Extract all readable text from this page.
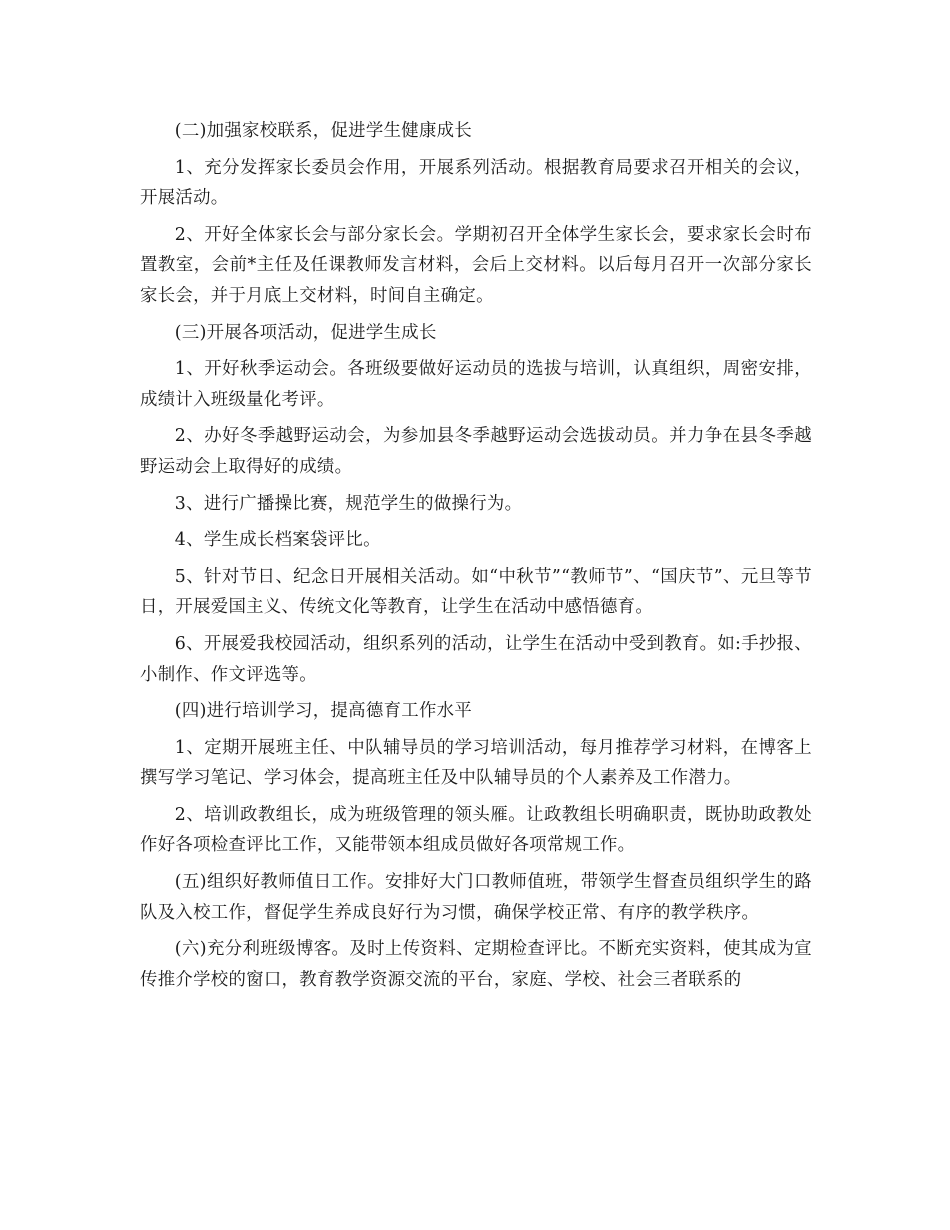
(二)加强家校联系，促进学生健康成长

1、充分发挥家长委员会作用，开展系列活动。根据教育局要求召开相关的会议，开展活动。

2、开好全体家长会与部分家长会。学期初召开全体学生家长会，要求家长会时布置教室，会前*主任及任课教师发言材料，会后上交材料。以后每月召开一次部分家长家长会，并于月底上交材料，时间自主确定。

(三)开展各项活动，促进学生成长

1、开好秋季运动会。各班级要做好运动员的选拔与培训，认真组织，周密安排，成绩计入班级量化考评。

2、办好冬季越野运动会，为参加县冬季越野运动会选拔动员。并力争在县冬季越野运动会上取得好的成绩。

3、进行广播操比赛，规范学生的做操行为。

4、学生成长档案袋评比。

5、针对节日、纪念日开展相关活动。如“中秋节”“教师节”、“国庆节”、元旦等节日，开展爱国主义、传统文化等教育，让学生在活动中感悟德育。

6、开展爱我校园活动，组织系列的活动，让学生在活动中受到教育。如:手抄报、小制作、作文评选等。

(四)进行培训学习，提高德育工作水平

1、定期开展班主任、中队辅导员的学习培训活动，每月推荐学习材料，在博客上撰写学习笔记、学习体会，提高班主任及中队辅导员的个人素养及工作潜力。

2、培训政教组长，成为班级管理的领头雁。让政教组长明确职责，既协助政教处作好各项检查评比工作，又能带领本组成员做好各项常规工作。

(五)组织好教师值日工作。安排好大门口教师值班，带领学生督查员组织学生的路队及入校工作，督促学生养成良好行为习惯，确保学校正常、有序的教学秩序。

(六)充分利班级博客。及时上传资料、定期检查评比。不断充实资料，使其成为宣传推介学校的窗口，教育教学资源交流的平台，家庭、学校、社会三者联系的
